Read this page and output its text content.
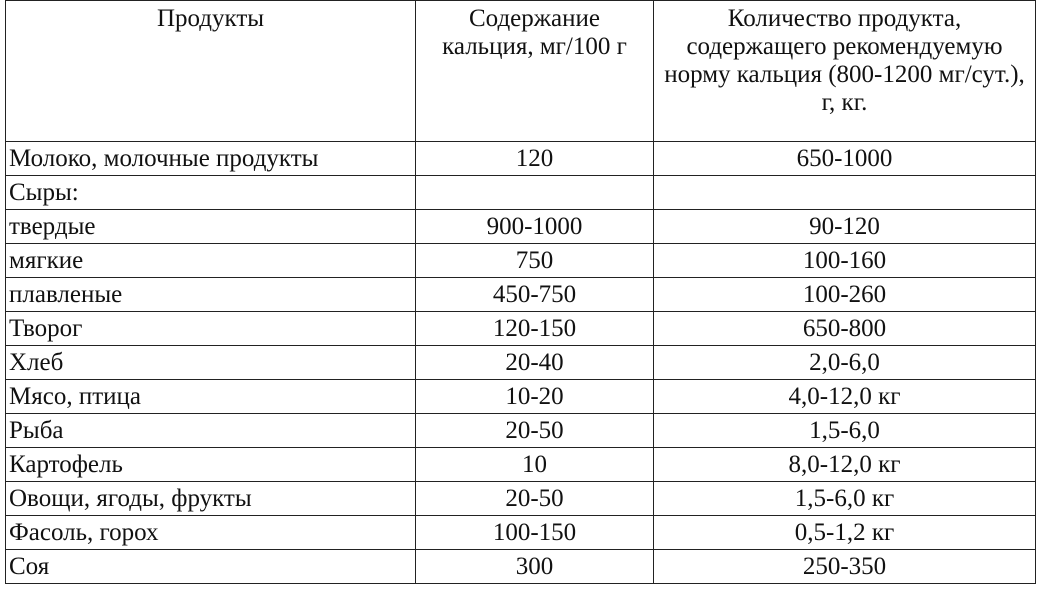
Продукты	Содержание кальция, мг/100 г	Количество продукта, содержащего рекомендуемую норму кальция (800-1200 мг/сут.), г, кг.
Молоко, молочные продукты	120	650-1000
Сыры:		
твердые	900-1000	90-120
мягкие	750	100-160
плавленые	450-750	100-260
Творог	120-150	650-800
Хлеб	20-40	2,0-6,0
Мясо, птица	10-20	4,0-12,0 кг
Рыба	20-50	1,5-6,0
Картофель	10	8,0-12,0 кг
Овощи, ягоды, фрукты	20-50	1,5-6,0 кг
Фасоль, горох	100-150	0,5-1,2 кг
Соя	300	250-350
